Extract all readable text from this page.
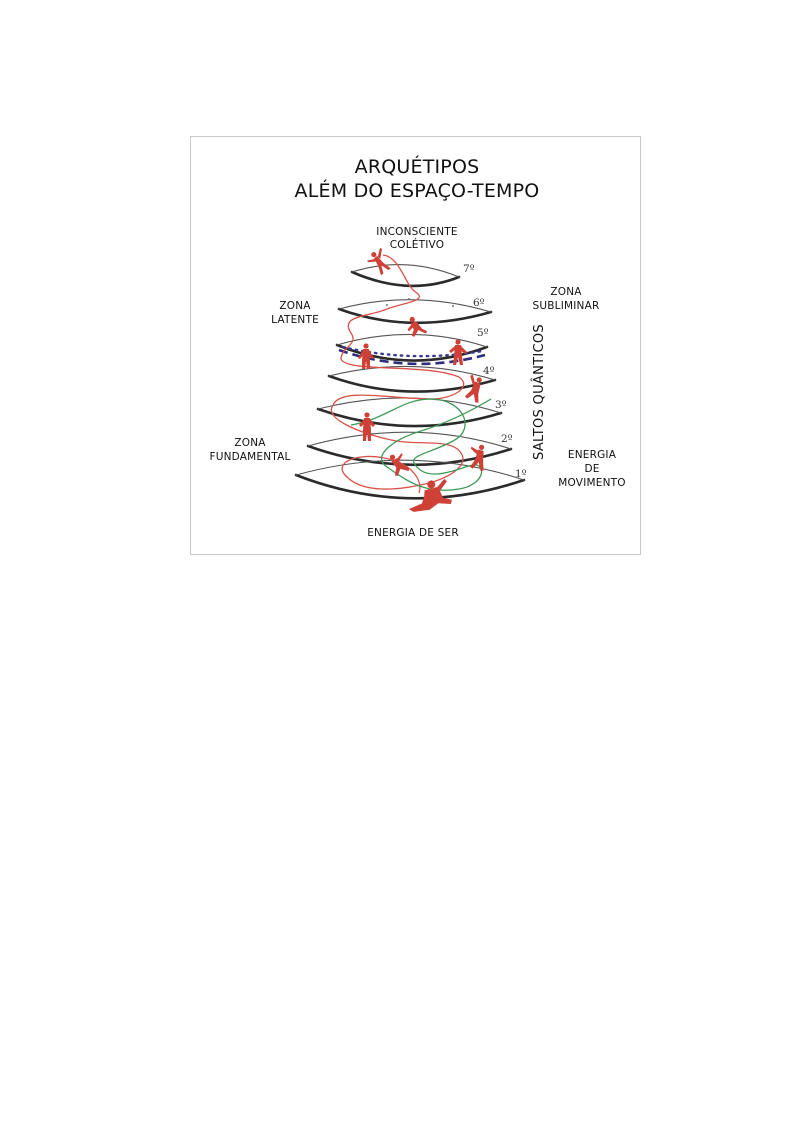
ARQUÉTIPOS
ALÉM DO ESPAÇO-TEMPO
INCONSCIENTE
COLÉTIVO
ZONA
LATENTE
ZONA
SUBLIMINAR
ZONA
FUNDAMENTAL	ENERGIA
DE
MOVIMENTO
ENERGIA DE SER
SALTOS QUÂNTICOS
7º
6º
5º
4º
3º
2º
1º
